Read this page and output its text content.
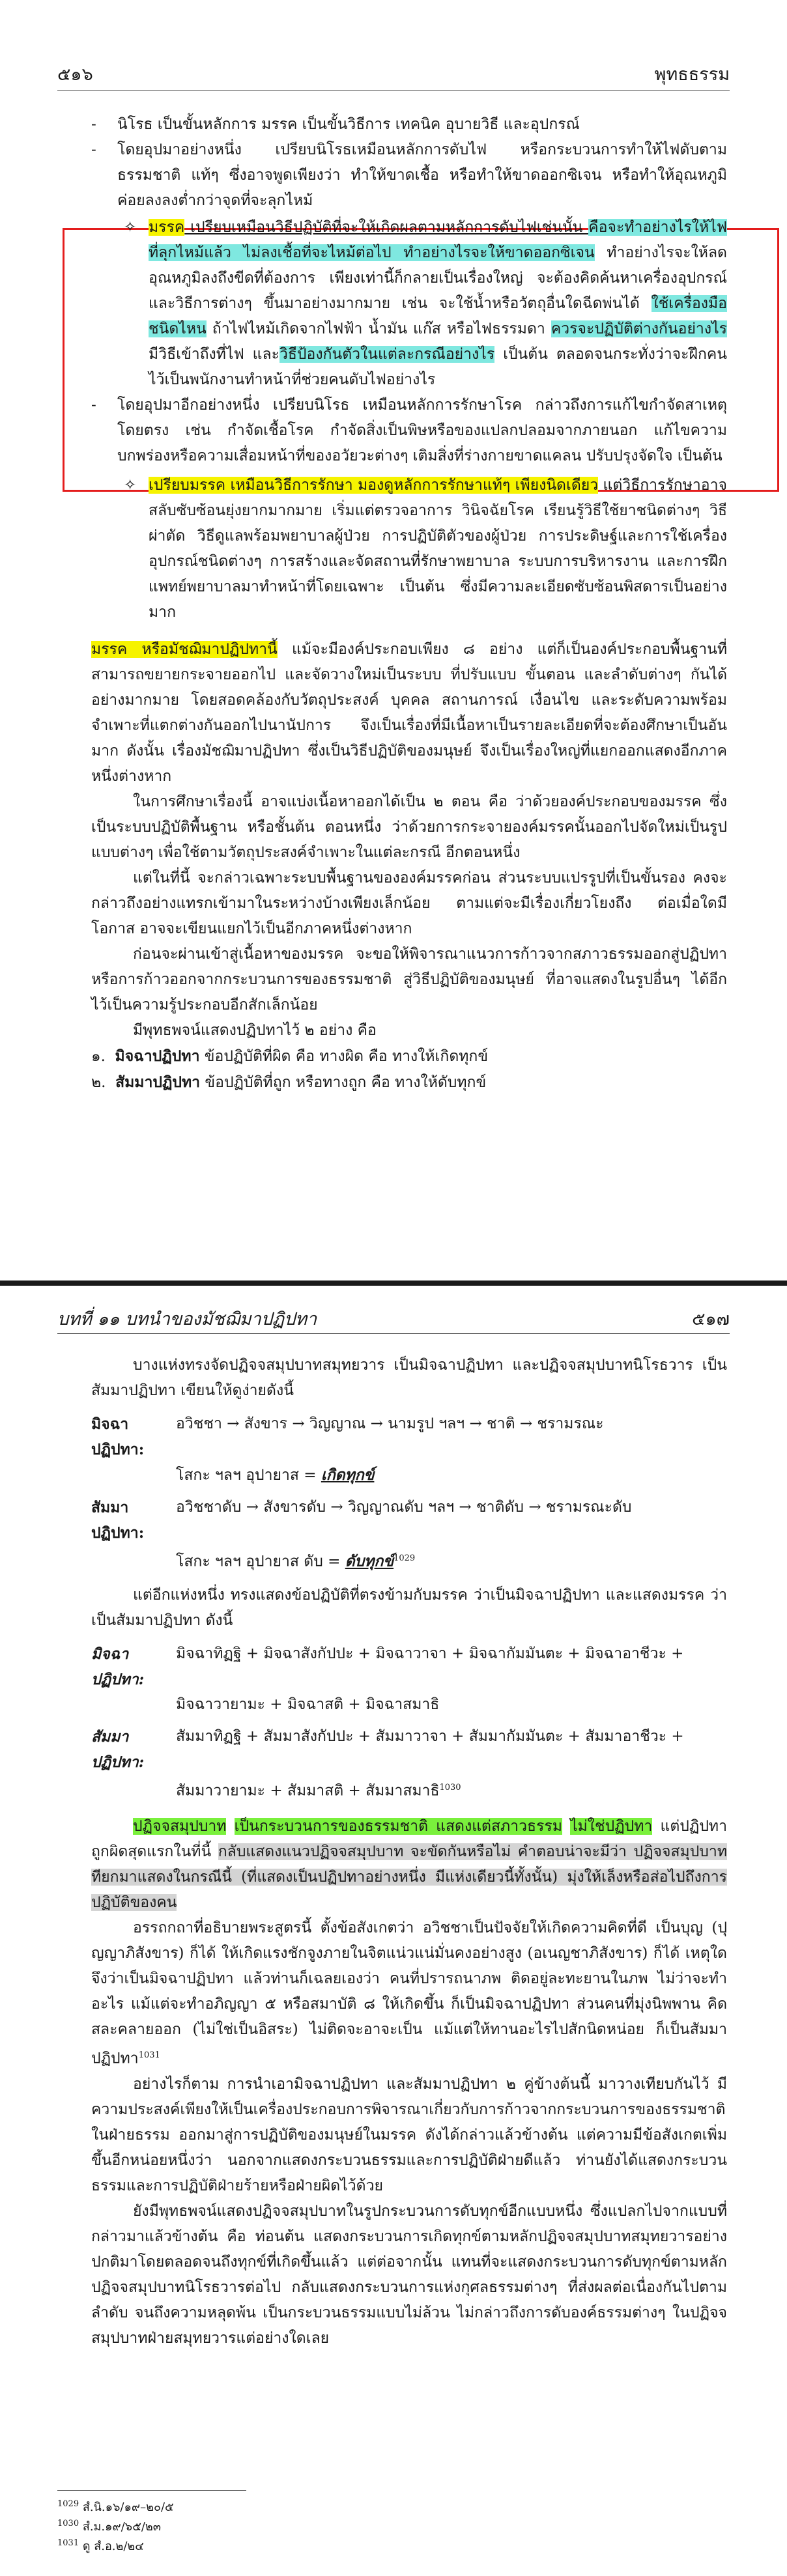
๕๑๖	พุทธธรรม

- นิโรธ เป็นขั้นหลักการ มรรค เป็นขั้นวิธีการ เทคนิค อุบายวิธี และอุปกรณ์

- โดยอุปมาอย่างหนึ่ง เปรียบนิโรธเหมือนหลักการดับไฟ หรือกระบวนการทำให้ไฟดับตามธรรมชาติ แท้ๆ ซึ่งอาจพูดเพียงว่า ทำให้ขาดเชื้อ หรือทำให้ขาดออกซิเจน หรือทำให้อุณหภูมิ ค่อยลงลงต่ำกว่าจุดที่จะลุกไหม้

✧ มรรค เปรียบเหมือนวิธีปฏิบัติที่จะให้เกิดผลตามหลักการดับไฟเช่นนั้น คือจะทำอย่างไรให้ไฟที่ลุกไหม้แล้ว ไม่ลงเชื้อที่จะไหม้ต่อไป ทำอย่างไรจะให้ขาดออกซิเจน ทำอย่างไรจะให้ลดอุณหภูมิลงถึงขีดที่ต้องการ เพียงเท่านี้ก็กลายเป็นเรื่องใหญ่ จะต้องคิดค้นหาเครื่องอุปกรณ์และวิธีการต่างๆ ขึ้นมาอย่างมากมาย เช่น จะใช้น้ำหรือวัตถุอื่นใดฉีดพ่นได้ ใช้เครื่องมือชนิดไหน ถ้าไฟไหม้เกิดจากไฟฟ้า น้ำมัน แก๊ส หรือไฟธรรมดา ควรจะปฏิบัติต่างกันอย่างไร มีวิธีเข้าถึงที่ไฟ และวิธีป้องกันตัวในแต่ละกรณีอย่างไร เป็นต้น ตลอดจนกระทั่งว่าจะฝึกคนไว้เป็นพนักงานทำหน้าที่ช่วยคนดับไฟอย่างไร

- โดยอุปมาอีกอย่างหนึ่ง เปรียบนิโรธ เหมือนหลักการรักษาโรค กล่าวถึงการแก้ไขกำจัดสาเหตุโดยตรง เช่น กำจัดเชื้อโรค กำจัดสิ่งเป็นพิษหรือของแปลกปลอมจากภายนอก แก้ไขความบกพร่องหรือความเสื่อมหน้าที่ของอวัยวะต่างๆ เติมสิ่งที่ร่างกายขาดแคลน ปรับปรุงจัดใจ เป็นต้น

✧ เปรียบมรรค เหมือนวิธีการรักษา มองดูหลักการรักษาแท้ๆ เพียงนิดเดียว แต่วิธีการรักษาอาจสลับซับซ้อนยุ่งยากมากมาย เริ่มแต่ตรวจอาการ วินิจฉัยโรค เรียนรู้วิธีใช้ยาชนิดต่างๆ วิธีผ่าตัด วิธีดูแลพร้อมพยาบาลผู้ป่วย การปฏิบัติตัวของผู้ป่วย การประดิษฐ์และการใช้เครื่องอุปกรณ์ชนิดต่างๆ การสร้างและจัดสถานที่รักษาพยาบาล ระบบการบริหารงาน และการฝึกแพทย์พยาบาลมาทำหน้าที่โดยเฉพาะ เป็นต้น ซึ่งมีความละเอียดซับซ้อนพิสดารเป็นอย่างมาก

มรรค หรือมัชฌิมาปฏิปทานี้ แม้จะมีองค์ประกอบเพียง ๘ อย่าง แต่ก็เป็นองค์ประกอบพื้นฐานที่สามารถขยายกระจายออกไป และจัดวางใหม่เป็นระบบ ที่ปรับแบบ ขั้นตอน และลำดับต่างๆ กันได้อย่างมากมาย โดยสอดคล้องกับวัตถุประสงค์ บุคคล สถานการณ์ เงื่อนไข และระดับความพร้อมจำเพาะที่แตกต่างกันออกไปนานัปการ จึงเป็นเรื่องที่มีเนื้อหาเป็นรายละเอียดที่จะต้องศึกษาเป็นอันมาก ดังนั้น เรื่องมัชฌิมาปฏิปทา ซึ่งเป็นวิธีปฏิบัติของมนุษย์ จึงเป็นเรื่องใหญ่ที่แยกออกแสดงอีกภาคหนึ่งต่างหาก

ในการศึกษาเรื่องนี้ อาจแบ่งเนื้อหาออกได้เป็น ๒ ตอน คือ ว่าด้วยองค์ประกอบของมรรค ซึ่งเป็นระบบปฏิบัติพื้นฐาน หรือชั้นต้น ตอนหนึ่ง ว่าด้วยการกระจายองค์มรรคนั้นออกไปจัดใหม่เป็นรูปแบบต่างๆ เพื่อใช้ตามวัตถุประสงค์จำเพาะในแต่ละกรณี อีกตอนหนึ่ง

แต่ในที่นี้ จะกล่าวเฉพาะระบบพื้นฐานขององค์มรรคก่อน ส่วนระบบแปรรูปที่เป็นขั้นรอง คงจะกล่าวถึงอย่างแทรกเข้ามาในระหว่างบ้างเพียงเล็กน้อย ตามแต่จะมีเรื่องเกี่ยวโยงถึง ต่อเมื่อใดมีโอกาส อาจจะเขียนแยกไว้เป็นอีกภาคหนึ่งต่างหาก

ก่อนจะผ่านเข้าสู่เนื้อหาของมรรค จะขอให้พิจารณาแนวการก้าวจากสภาวธรรมออกสู่ปฏิปทา หรือการก้าวออกจากกระบวนการของธรรมชาติ สู่วิธีปฏิบัติของมนุษย์ ที่อาจแสดงในรูปอื่นๆ ได้อีก ไว้เป็นความรู้ประกอบอีกสักเล็กน้อย

มีพุทธพจน์แสดงปฏิปทาไว้ ๒ อย่าง คือ

๑. มิจฉาปฏิปทา ข้อปฏิบัติที่ผิด คือ ทางผิด คือ ทางให้เกิดทุกข์

๒. สัมมาปฏิปทา ข้อปฏิบัติที่ถูก หรือทางถูก คือ ทางให้ดับทุกข์

บทที่ ๑๑ บทนำของมัชฌิมาปฏิปทา	๕๑๗

บางแห่งทรงจัดปฏิจจสมุปบาทสมุทยวาร เป็นมิจฉาปฏิปทา และปฏิจจสมุปบาทนิโรธวาร เป็นสัมมาปฏิปทา เขียนให้ดูง่ายดังนี้

มิจฉาปฏิปทา:
อวิชชา → สังขาร → วิญญาณ → นามรูป ฯลฯ → ชาติ → ชรามรณะ

โสกะ ฯลฯ อุปายาส = เกิดทุกข์

สัมมาปฏิปทา:
อวิชชาดับ → สังขารดับ → วิญญาณดับ ฯลฯ → ชาติดับ → ชรามรณะดับ

โสกะ ฯลฯ อุปายาส ดับ = ดับทุกข์$^{1029}$

แต่อีกแห่งหนึ่ง ทรงแสดงข้อปฏิบัติที่ตรงข้ามกับมรรค ว่าเป็นมิจฉาปฏิปทา และแสดงมรรค ว่าเป็นสัมมาปฏิปทา ดังนี้

มิจฉาปฏิปทา:
มิจฉาทิฏฐิ + มิจฉาสังกัปปะ + มิจฉาวาจา + มิจฉากัมมันตะ + มิจฉาอาชีวะ +

มิจฉาวายามะ + มิจฉาสติ + มิจฉาสมาธิ

สัมมาปฏิปทา:
สัมมาทิฏฐิ + สัมมาสังกัปปะ + สัมมาวาจา + สัมมากัมมันตะ + สัมมาอาชีวะ +

สัมมาวายามะ + สัมมาสติ + สัมมาสมาธิ$^{1030}$

ปฏิจจสมุปบาท เป็นกระบวนการของธรรมชาติ แสดงแต่สภาวธรรม ไม่ใช่ปฏิปทา แต่ปฏิปทาถูกผิดสุดแรกในที่นี้ กลับแสดงแนวปฏิจจสมุปบาท จะขัดกันหรือไม่ คำตอบน่าจะมีว่า ปฏิจจสมุปบาททียกมาแสดงในกรณีนี้ (ที่แสดงเป็นปฏิปทาอย่างหนึ่ง มีแห่งเดียวนี้ทั้งนั้น) มุ่งให้เล็งหรือส่อไปถึงการปฏิบัติของคน

อรรถกถาที่อธิบายพระสูตรนี้ ตั้งข้อสังเกตว่า อวิชชาเป็นปัจจัยให้เกิดความคิดที่ดี เป็นบุญ (ปุญญาภิสังขาร) ก็ได้ ให้เกิดแรงชักจูงภายในจิตแน่วแน่มั่นคงอย่างสูง (อเนญชาภิสังขาร) ก็ได้ เหตุใดจึงว่าเป็นมิจฉาปฏิปทา แล้วท่านก็เฉลยเองว่า คนที่ปรารถนาภพ ติดอยู่ละทะยานในภพ ไม่ว่าจะทำอะไร แม้แต่จะทำอภิญญา ๕ หรือสมาบัติ ๘ ให้เกิดขึ้น ก็เป็นมิจฉาปฏิปทา ส่วนคนที่มุ่งนิพพาน คิดสละคลายออก (ไม่ใช่เป็นอิสระ) ไม่ติดจะอาจะเป็น แม้แต่ให้ทานอะไรไปสักนิดหน่อย ก็เป็นสัมมาปฏิปทา$^{1031}$

อย่างไรก็ตาม การนำเอามิจฉาปฏิปทา และสัมมาปฏิปทา ๒ คู่ข้างต้นนี้ มาวางเทียบกันไว้ มีความประสงค์เพียงให้เป็นเครื่องประกอบการพิจารณาเกี่ยวกับการก้าวจากกระบวนการของธรรมชาติในฝ่ายธรรม ออกมาสู่การปฏิบัติของมนุษย์ในมรรค ดังได้กล่าวแล้วข้างต้น แต่ความมีข้อสังเกตเพิ่มขึ้นอีกหน่อยหนึ่งว่า นอกจากแสดงกระบวนธรรมและการปฏิบัติฝ่ายดีแล้ว ท่านยังได้แสดงกระบวนธรรมและการปฏิบัติฝ่ายร้ายหรือฝ่ายผิดไว้ด้วย

ยังมีพุทธพจน์แสดงปฏิจจสมุปบาทในรูปกระบวนการดับทุกข์อีกแบบหนึ่ง ซึ่งแปลกไปจากแบบที่กล่าวมาแล้วข้างต้น คือ ท่อนต้น แสดงกระบวนการเกิดทุกข์ตามหลักปฏิจจสมุปบาทสมุทยวารอย่างปกติมาโดยตลอดจนถึงทุกข์ที่เกิดขึ้นแล้ว แต่ต่อจากนั้น แทนที่จะแสดงกระบวนการดับทุกข์ตามหลักปฏิจจสมุปบาทนิโรธวารต่อไป กลับแสดงกระบวนการแห่งกุศลธรรมต่างๆ ที่ส่งผลต่อเนื่องกันไปตามลำดับ จนถึงความหลุดพ้น เป็นกระบวนธรรมแบบไม่ล้วน ไม่กล่าวถึงการดับองค์ธรรมต่างๆ ในปฏิจจสมุปบาทฝ่ายสมุทยวารแต่อย่างใดเลย

$^{1029}$ สํ.นิ.๑๖/๑๙–๒๐/๕
$^{1030}$ สํ.ม.๑๙/๖๕/๒๓
$^{1031}$ ดู สํ.อ.๒/๒๔
